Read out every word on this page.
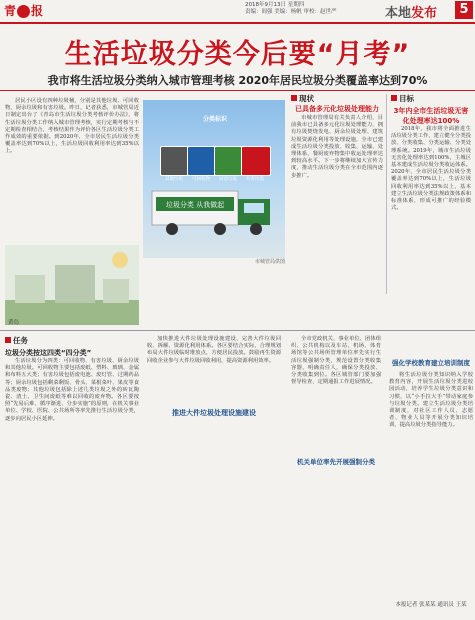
青 报	2018年9月13日 星期四
责编：阎强 美编：杨帆 审校：赵世严	本地发布	5
生活垃圾分类今后要“月考”
我市将生活垃圾分类纳入城市管理考核 2020年居民垃圾分类覆盖率达到70%

居民小区设有四种垃圾桶，分别是其他垃圾、可回收物、厨余垃圾和有害垃圾。昨日，记者获悉，市城管局近日制定出台了《青岛市生活垃圾分类考核评价办法》，将生活垃圾分类工作纳入城市管理考核，实行定期考核与不定期检查相结合，考核结果作为评价各区生活垃圾分类工作成效的重要依据。到2020年，全市居民生活垃圾分类覆盖率达到70%以上，生活垃圾回收利用率达到35%以上。

黄岛
分类标识
其他垃圾	可回收物	厨余垃圾	有害垃圾
垃圾分类 从我做起
市城管局供图
现状
已具备多元化垃圾处理能力

市城市管理局有关负责人介绍，目前我市已具备多元化垃圾处理能力，拥有垃圾焚烧发电、厨余垃圾处理、建筑垃圾资源化利用等处理设施，全市已建成生活垃圾分类投放、收集、运输、处理体系，餐厨废弃物集中收运处理率达到较高水平。下一步将继续加大宣传力度，推动生活垃圾分类在全市范围内逐步推广。

目标
3年内全市生活垃圾无害化处理率达100%

2018年，我市将全面推进生活垃圾分类工作，建立健全分类投放、分类收集、分类运输、分类处理系统。2019年，城市生活垃圾无害化处理率达到100%，主城区基本建成生活垃圾分类收运体系。2020年，全市居民生活垃圾分类覆盖率达到70%以上，生活垃圾回收利用率达到35%以上，基本建立生活垃圾分类法规政策体系和标准体系，形成可推广的经验模式。

任务
垃圾分类按这四类“四分类”

生活垃圾分为四类：可回收物、有害垃圾、厨余垃圾和其他垃圾。可回收物主要包括废纸、塑料、玻璃、金属和布料五大类；有害垃圾包括废电池、废灯管、过期药品等；厨余垃圾包括剩菜剩饭、骨头、菜根菜叶、果皮等食品类废物；其他垃圾包括除上述几类垃圾之外的砖瓦陶瓷、渣土、卫生间废纸等难以回收的废弃物。各区要按照“先易后难、循序渐进、分步实施”的原则，在机关事业单位、学校、医院、公共场所等率先推行生活垃圾分类，逐步向居民小区延伸。

加快推进大件垃圾处理设施建设，完善大件垃圾回收、拆解、资源化利用体系。各区要结合实际，合理规划布局大件垃圾临时堆放点，方便居民投放。鼓励再生资源回收企业参与大件垃圾回收利用，提高资源利用效率。

推进大件垃圾处理设施建设

全市党政机关、事业单位、团体组织、公共机构以及车站、机场、体育场馆等公共场所管理单位率先实行生活垃圾强制分类，规范设置分类收集容器，明确责任人，确保分类投放、分类收集到位。各区城管部门要加强督导检查，定期通报工作进展情况。

机关单位率先开展强制分类
强化学校教育建立培训制度

将生活垃圾分类知识纳入学校教育内容，开展生活垃圾分类进校园活动，培养学生垃圾分类意识和习惯，以“小手拉大手”带动家庭参与垃圾分类。建立生活垃圾分类培训制度，对社区工作人员、志愿者、物业人员等开展分类知识培训，提高垃圾分类指导能力。

本报记者 张某某 通讯员 王某
